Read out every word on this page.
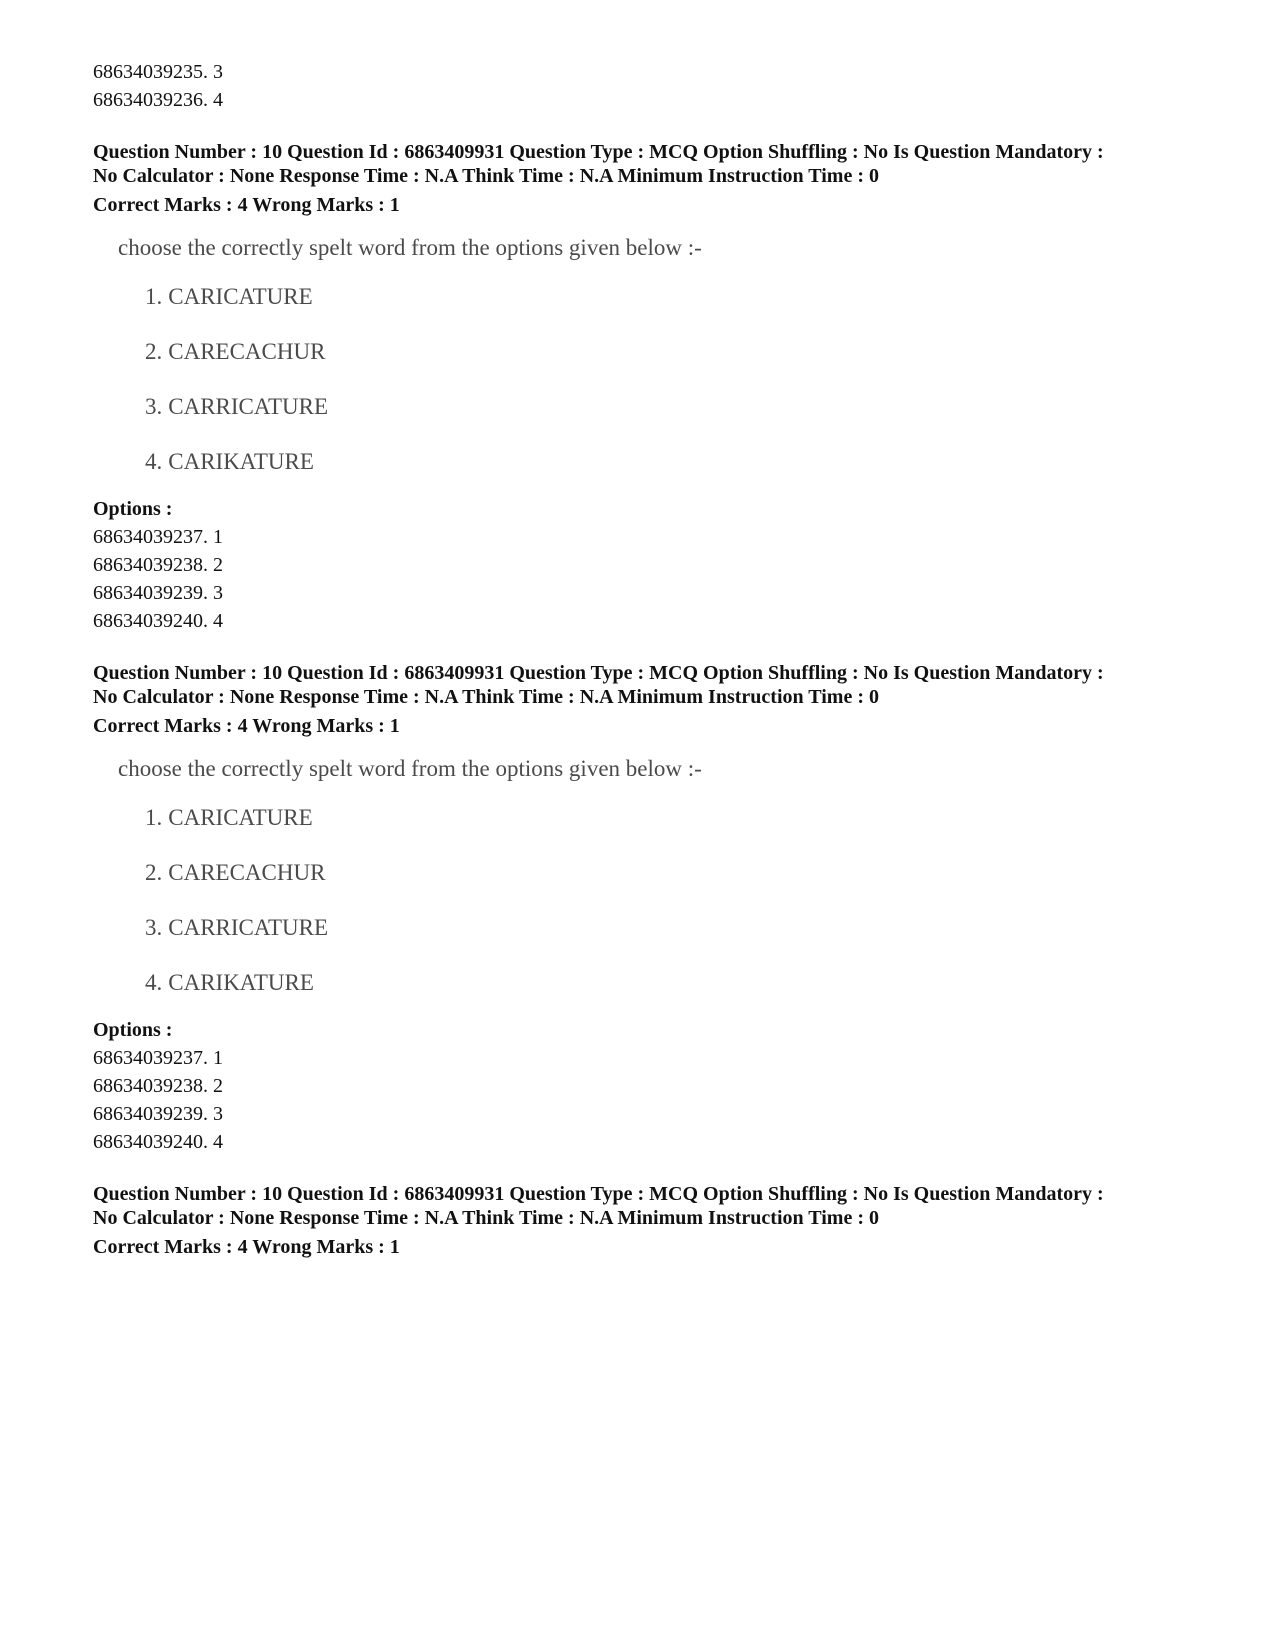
68634039235. 3
68634039236. 4
Question Number : 10 Question Id : 6863409931 Question Type : MCQ Option Shuffling : No Is Question Mandatory :
No Calculator : None Response Time : N.A Think Time : N.A Minimum Instruction Time : 0
Correct Marks : 4 Wrong Marks : 1
choose the correctly spelt word from the options given below :-
1. CARICATURE
2. CARECACHUR
3. CARRICATURE
4. CARIKATURE
Options :
68634039237. 1
68634039238. 2
68634039239. 3
68634039240. 4
Question Number : 10 Question Id : 6863409931 Question Type : MCQ Option Shuffling : No Is Question Mandatory :
No Calculator : None Response Time : N.A Think Time : N.A Minimum Instruction Time : 0
Correct Marks : 4 Wrong Marks : 1
choose the correctly spelt word from the options given below :-
1. CARICATURE
2. CARECACHUR
3. CARRICATURE
4. CARIKATURE
Options :
68634039237. 1
68634039238. 2
68634039239. 3
68634039240. 4
Question Number : 10 Question Id : 6863409931 Question Type : MCQ Option Shuffling : No Is Question Mandatory :
No Calculator : None Response Time : N.A Think Time : N.A Minimum Instruction Time : 0
Correct Marks : 4 Wrong Marks : 1
